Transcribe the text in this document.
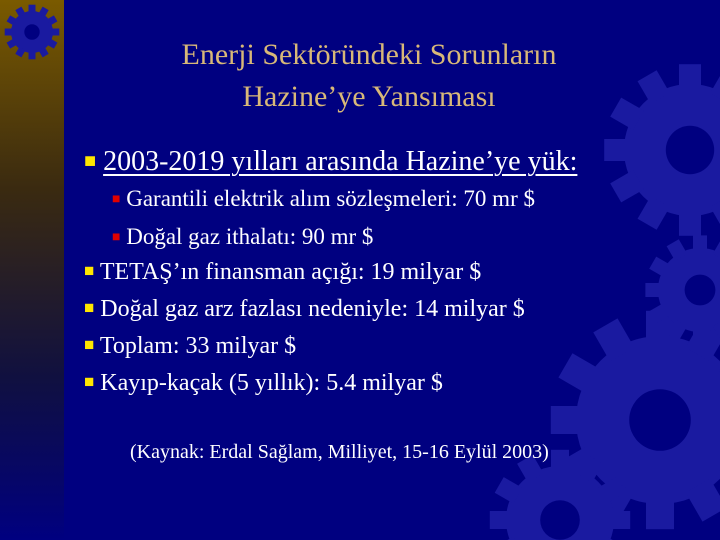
Enerji Sektöründeki Sorunların
Hazine’ye Yansıması
■ 2003-2019 yılları arasında Hazine’ye yük:
■ Garantili elektrik alım sözleşmeleri: 70 mr $
■ Doğal gaz ithalatı: 90 mr $
■ TETAŞ’ın finansman açığı: 19 milyar $
■ Doğal gaz arz fazlası nedeniyle: 14 milyar $
■ Toplam: 33 milyar $
■ Kayıp-kaçak (5 yıllık): 5.4 milyar $
(Kaynak: Erdal Sağlam, Milliyet, 15-16 Eylül 2003)
